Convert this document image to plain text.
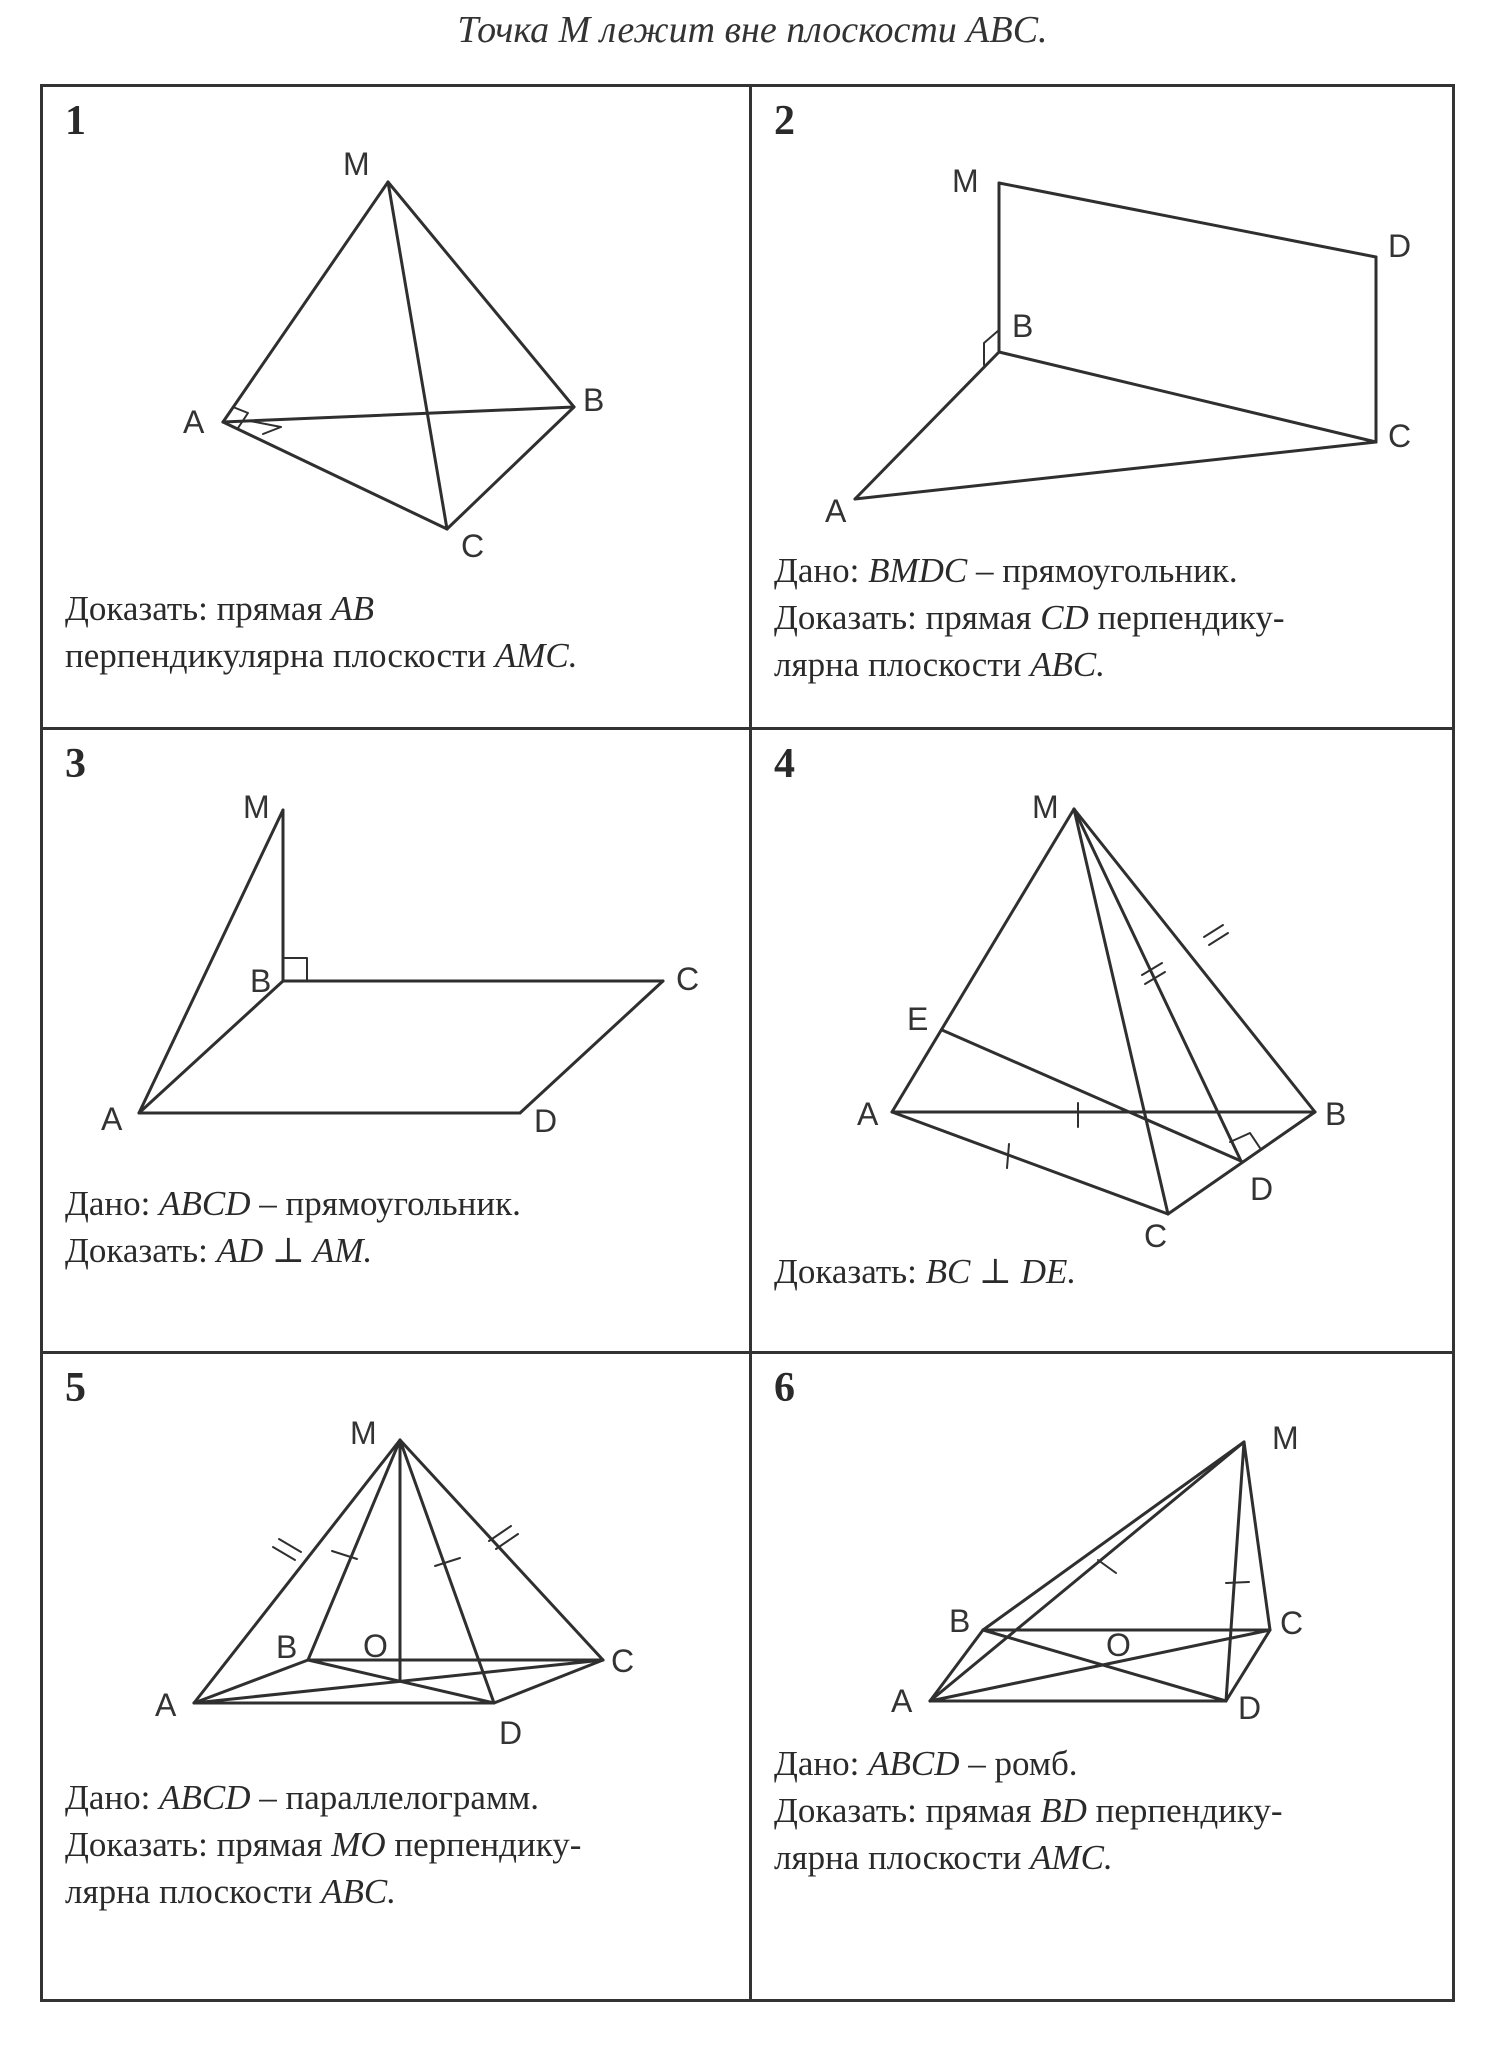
Точка M лежит вне плоскости ABC.
1
M
A
B
C
Доказать: прямая AB
перпендикулярна плоскости AMC.
2
M
D
B
C
A
Дано: BMDC – прямоугольник.
Доказать: прямая CD перпендику-
лярна плоскости ABC.
3
M
B	C
A	D
Дано: ABCD – прямоугольник.
Доказать: AD ⊥ AM.
4
M
E
A	B
D
C
Доказать: BC ⊥ DE.
5
M
B O	C
A
D
Дано: ABCD – параллелограмм.
Доказать: прямая MO перпендику-
лярна плоскости ABC.
6
M
B	C
O
A	D
Дано: ABCD – ромб.
Доказать: прямая BD перпендику-
лярна плоскости AMC.
